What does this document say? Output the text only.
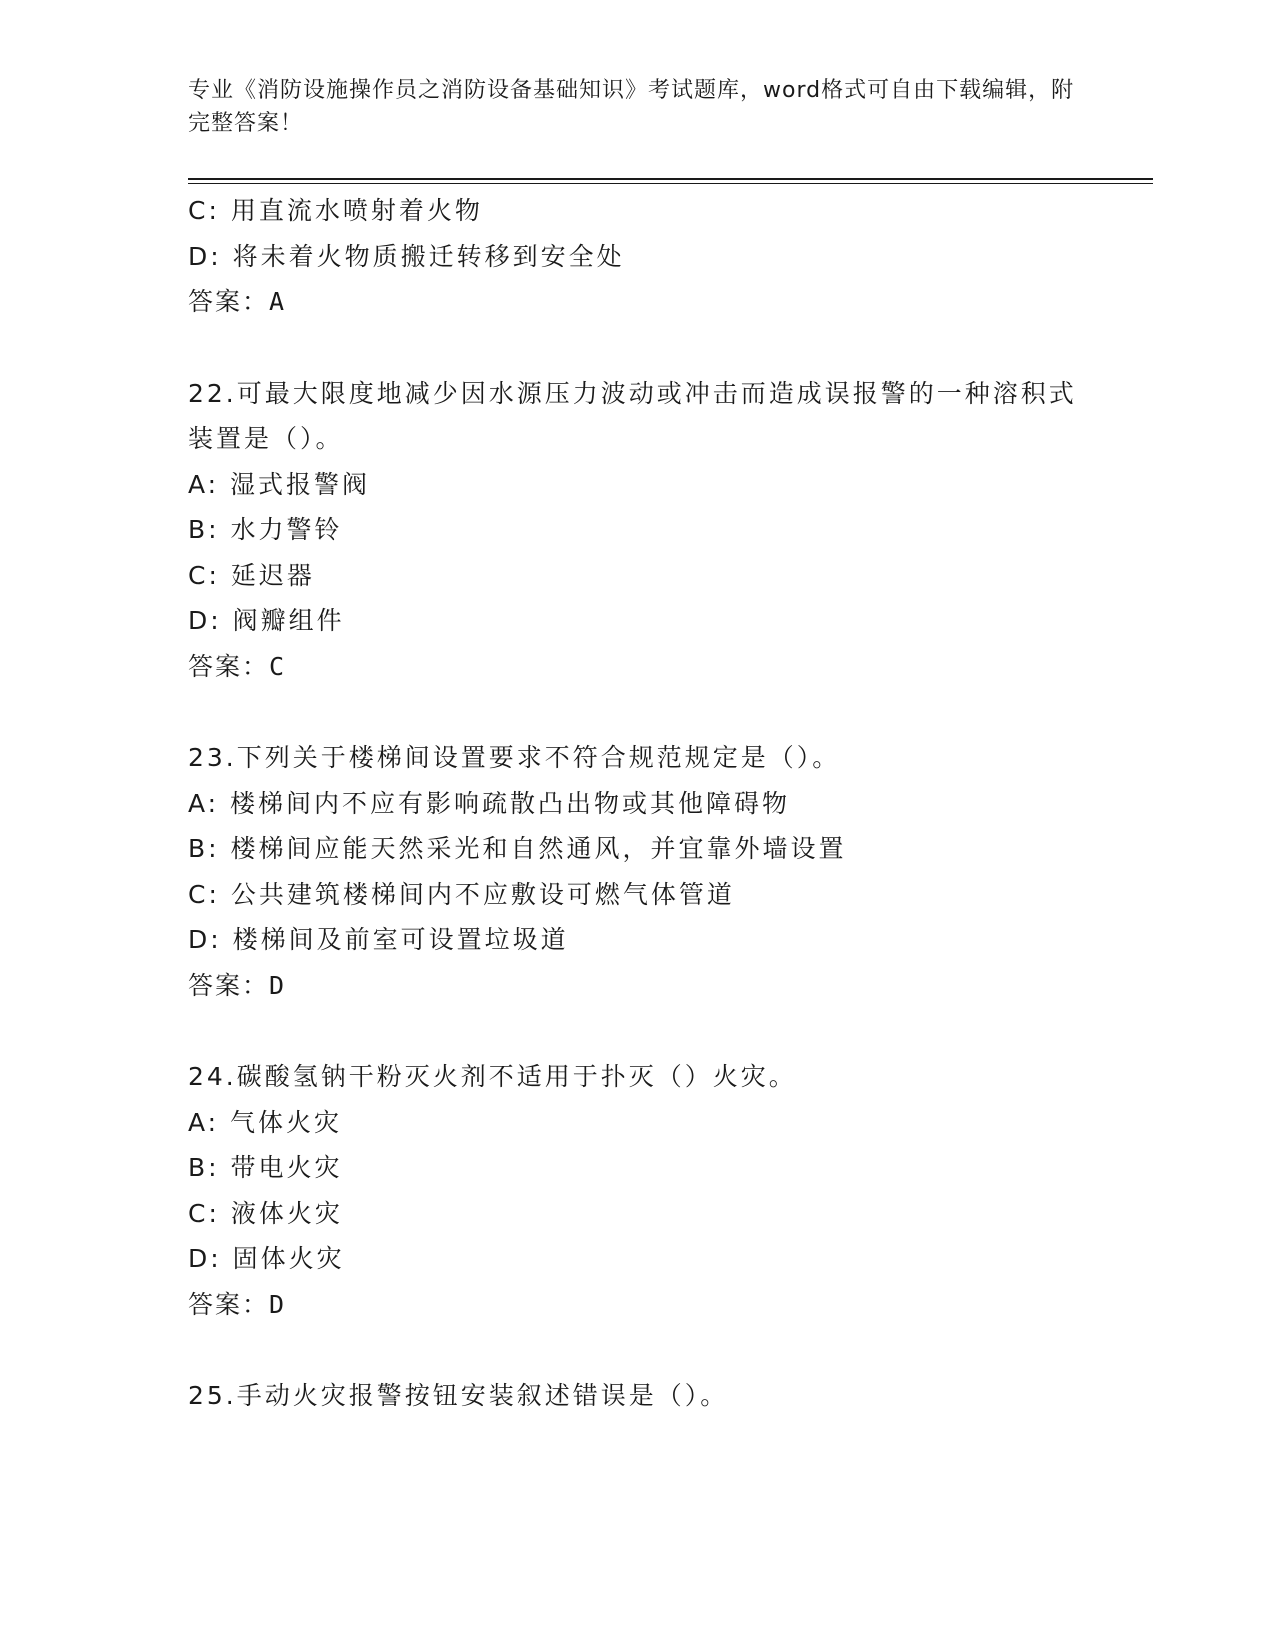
专业《消防设施操作员之消防设备基础知识》考试题库，word格式可自由下载编辑，附完整答案！
C: 用直流水喷射着火物
D: 将未着火物质搬迁转移到安全处
答案：A
22.可最大限度地减少因水源压力波动或冲击而造成误报警的一种溶积式装置是（）。
A: 湿式报警阀
B: 水力警铃
C: 延迟器
D: 阀瓣组件
答案：C
23.下列关于楼梯间设置要求不符合规范规定是（）。
A: 楼梯间内不应有影响疏散凸出物或其他障碍物
B: 楼梯间应能天然采光和自然通风，并宜靠外墙设置
C: 公共建筑楼梯间内不应敷设可燃气体管道
D: 楼梯间及前室可设置垃圾道
答案：D
24.碳酸氢钠干粉灭火剂不适用于扑灭（）火灾。
A: 气体火灾
B: 带电火灾
C: 液体火灾
D: 固体火灾
答案：D
25.手动火灾报警按钮安装叙述错误是（）。
